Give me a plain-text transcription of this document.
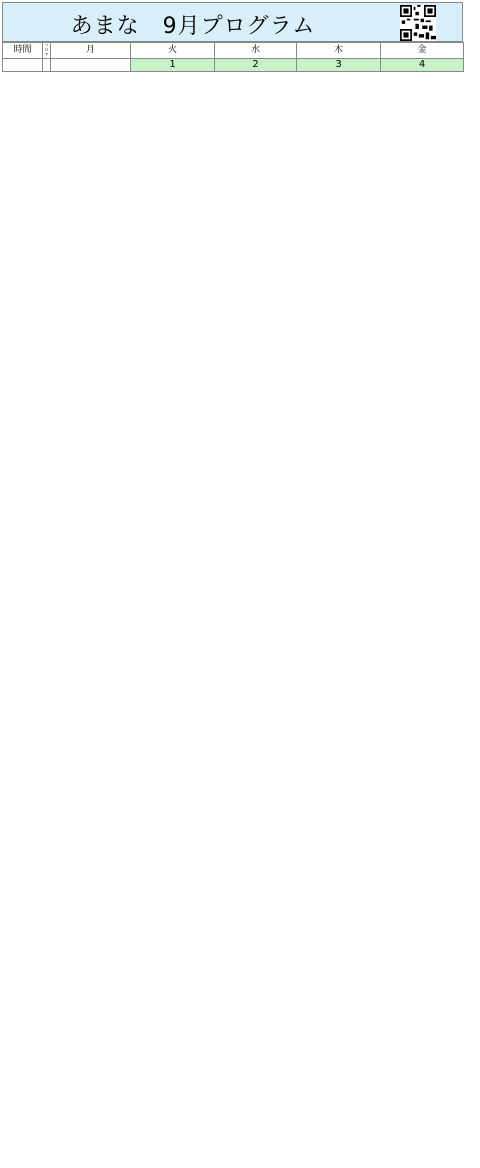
あまな　9月プログラム
時間	フロア	月	火	水	木	金
			1	2	3	4
